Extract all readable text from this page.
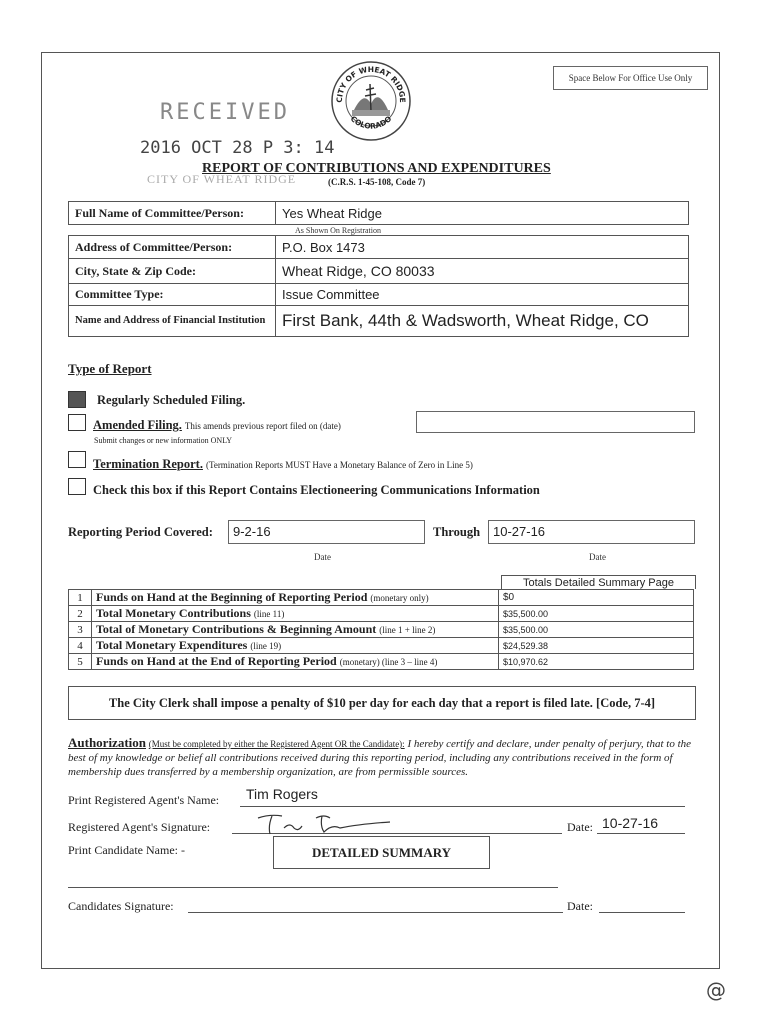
Space Below For Office Use Only
RECEIVED
2016 OCT 28 P 3: 14
CITY OF WHEAT RIDGE
CITY OF WHEAT RIDGE
COLORADO
REPORT OF CONTRIBUTIONS AND EXPENDITURES
(C.R.S. 1-45-108, Code 7)
Full Name of Committee/Person:	Yes Wheat Ridge

Address of Committee/Person:	P.O. Box 1473
City, State & Zip Code:	Wheat Ridge, CO 80033
Committee Type:	Issue Committee
Name and Address of Financial Institution	First Bank, 44th & Wadsworth, Wheat Ridge, CO
As Shown On Registration
Type of Report
Regularly Scheduled Filing.
Amended Filing. This amends previous report filed on (date)
Submit changes or new information ONLY
Termination Report. (Termination Reports MUST Have a Monetary Balance of Zero in Line 5)
Check this box if this Report Contains Electioneering Communications Information
Reporting Period Covered:	9-2-16
Date
Through 10-27-16
Date
Totals Detailed Summary Page
1	Funds on Hand at the Beginning of Reporting Period (monetary only)	$0
2	Total Monetary Contributions (line 11)	$35,500.00
3	Total of Monetary Contributions & Beginning Amount (line 1 + line 2)	$35,500.00
4	Total Monetary Expenditures (line 19)	$24,529.38
5	Funds on Hand at the End of Reporting Period (monetary) (line 3 – line 4)	$10,970.62
The City Clerk shall impose a penalty of $10 per day for each day that a report is filed late. [Code, 7-4]
Authorization (Must be completed by either the Registered Agent OR the Candidate): I hereby certify and declare, under penalty of perjury, that to the best of my knowledge or belief all contributions received during this reporting period, including any contributions received in the form of membership dues transferred by a membership organization, are from permissible sources.
Print Registered Agent's Name: Tim Rogers
Registered Agent's Signature:	Date: 10-27-16
Print Candidate Name: -	DETAILED SUMMARY
Candidates Signature:	Date:
@
